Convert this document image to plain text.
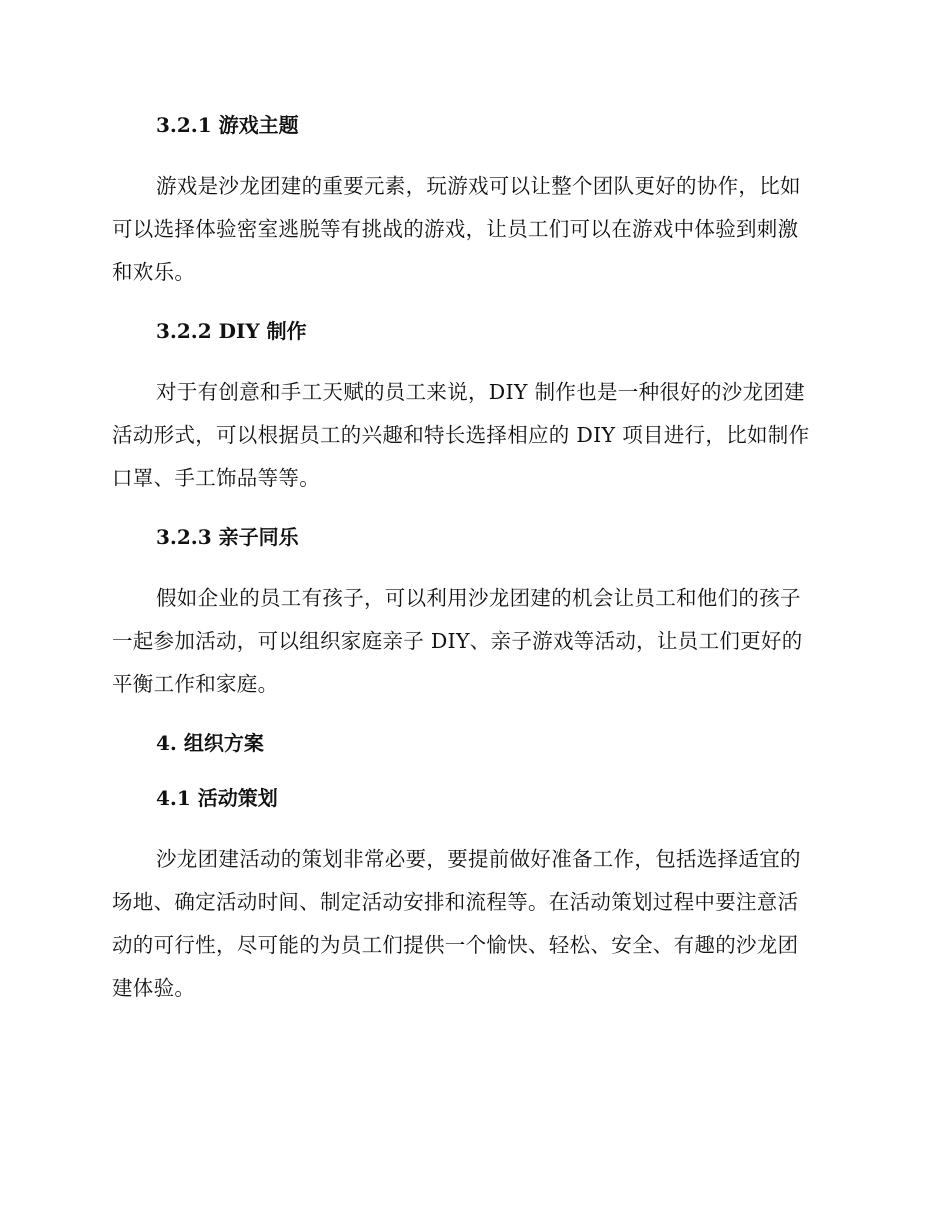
3.2.1 游戏主题
游戏是沙龙团建的重要元素，玩游戏可以让整个团队更好的协作，比如
可以选择体验密室逃脱等有挑战的游戏，让员工们可以在游戏中体验到刺激
和欢乐。
3.2.2 DIY 制作
对于有创意和手工天赋的员工来说，DIY 制作也是一种很好的沙龙团建
活动形式，可以根据员工的兴趣和特长选择相应的 DIY 项目进行，比如制作
口罩、手工饰品等等。
3.2.3 亲子同乐
假如企业的员工有孩子，可以利用沙龙团建的机会让员工和他们的孩子
一起参加活动，可以组织家庭亲子 DIY、亲子游戏等活动，让员工们更好的
平衡工作和家庭。
4. 组织方案
4.1 活动策划
沙龙团建活动的策划非常必要，要提前做好准备工作，包括选择适宜的
场地、确定活动时间、制定活动安排和流程等。在活动策划过程中要注意活
动的可行性，尽可能的为员工们提供一个愉快、轻松、安全、有趣的沙龙团
建体验。
